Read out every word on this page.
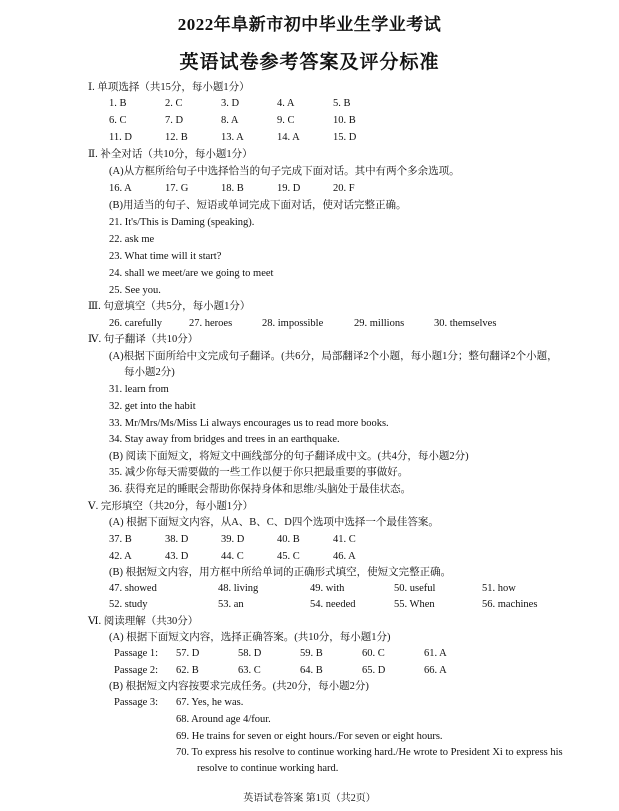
2022年阜新市初中毕业生学业考试
英语试卷参考答案及评分标准
Ⅰ. 单项选择（共15分，每小题1分）
1. B	2. C	3. D	4. A	5. B
6. C	7. D	8. A	9. C	10. B
11. D	12. B	13. A	14. A	15. D
Ⅱ. 补全对话（共10分，每小题1分）
(A)从方框所给句子中选择恰当的句子完成下面对话。其中有两个多余选项。
16. A	17. G	18. B	19. D	20. F
(B)用适当的句子、短语或单词完成下面对话，使对话完整正确。
21. It's/This is Daming (speaking).
22. ask me
23. What time will it start?
24. shall we meet/are we going to meet
25. See you.
Ⅲ. 句意填空（共5分，每小题1分）
26. carefully	27. heroes	28. impossible	29. millions	30. themselves
Ⅳ. 句子翻译（共10分）
(A)根据下面所给中文完成句子翻译。(共6分，局部翻译2个小题，每小题1分；整句翻译2个小题，
每小题2分)
31. learn from
32. get into the habit
33. Mr/Mrs/Ms/Miss Li always encourages us to read more books.
34. Stay away from bridges and trees in an earthquake.
(B) 阅读下面短文，将短文中画线部分的句子翻译成中文。(共4分，每小题2分)
35. 减少你每天需要做的一些工作以便于你只把最重要的事做好。
36. 获得充足的睡眠会帮助你保持身体和思维/头脑处于最佳状态。
Ⅴ. 完形填空（共20分，每小题1分）
(A) 根据下面短文内容，从A、B、C、D四个选项中选择一个最佳答案。
37. B	38. D	39. D	40. B	41. C
42. A	43. D	44. C	45. C	46. A
(B) 根据短文内容，用方框中所给单词的正确形式填空，使短文完整正确。
47. showed	48. living	49. with	50. useful	51. how
52. study	53. an	54. needed	55. When	56. machines
Ⅵ. 阅读理解（共30分）
(A) 根据下面短文内容，选择正确答案。(共10分，每小题1分)
Passage 1: 57. D	58. D	59. B	60. C	61. A
Passage 2: 62. B	63. C	64. B	65. D	66. A
(B) 根据短文内容按要求完成任务。(共20分，每小题2分)
Passage 3: 67. Yes, he was.
68. Around age 4/four.
69. He trains for seven or eight hours./For seven or eight hours.
70. To express his resolve to continue working hard./He wrote to President Xi to express his
resolve to continue working hard.
英语试卷答案 第1页（共2页）
